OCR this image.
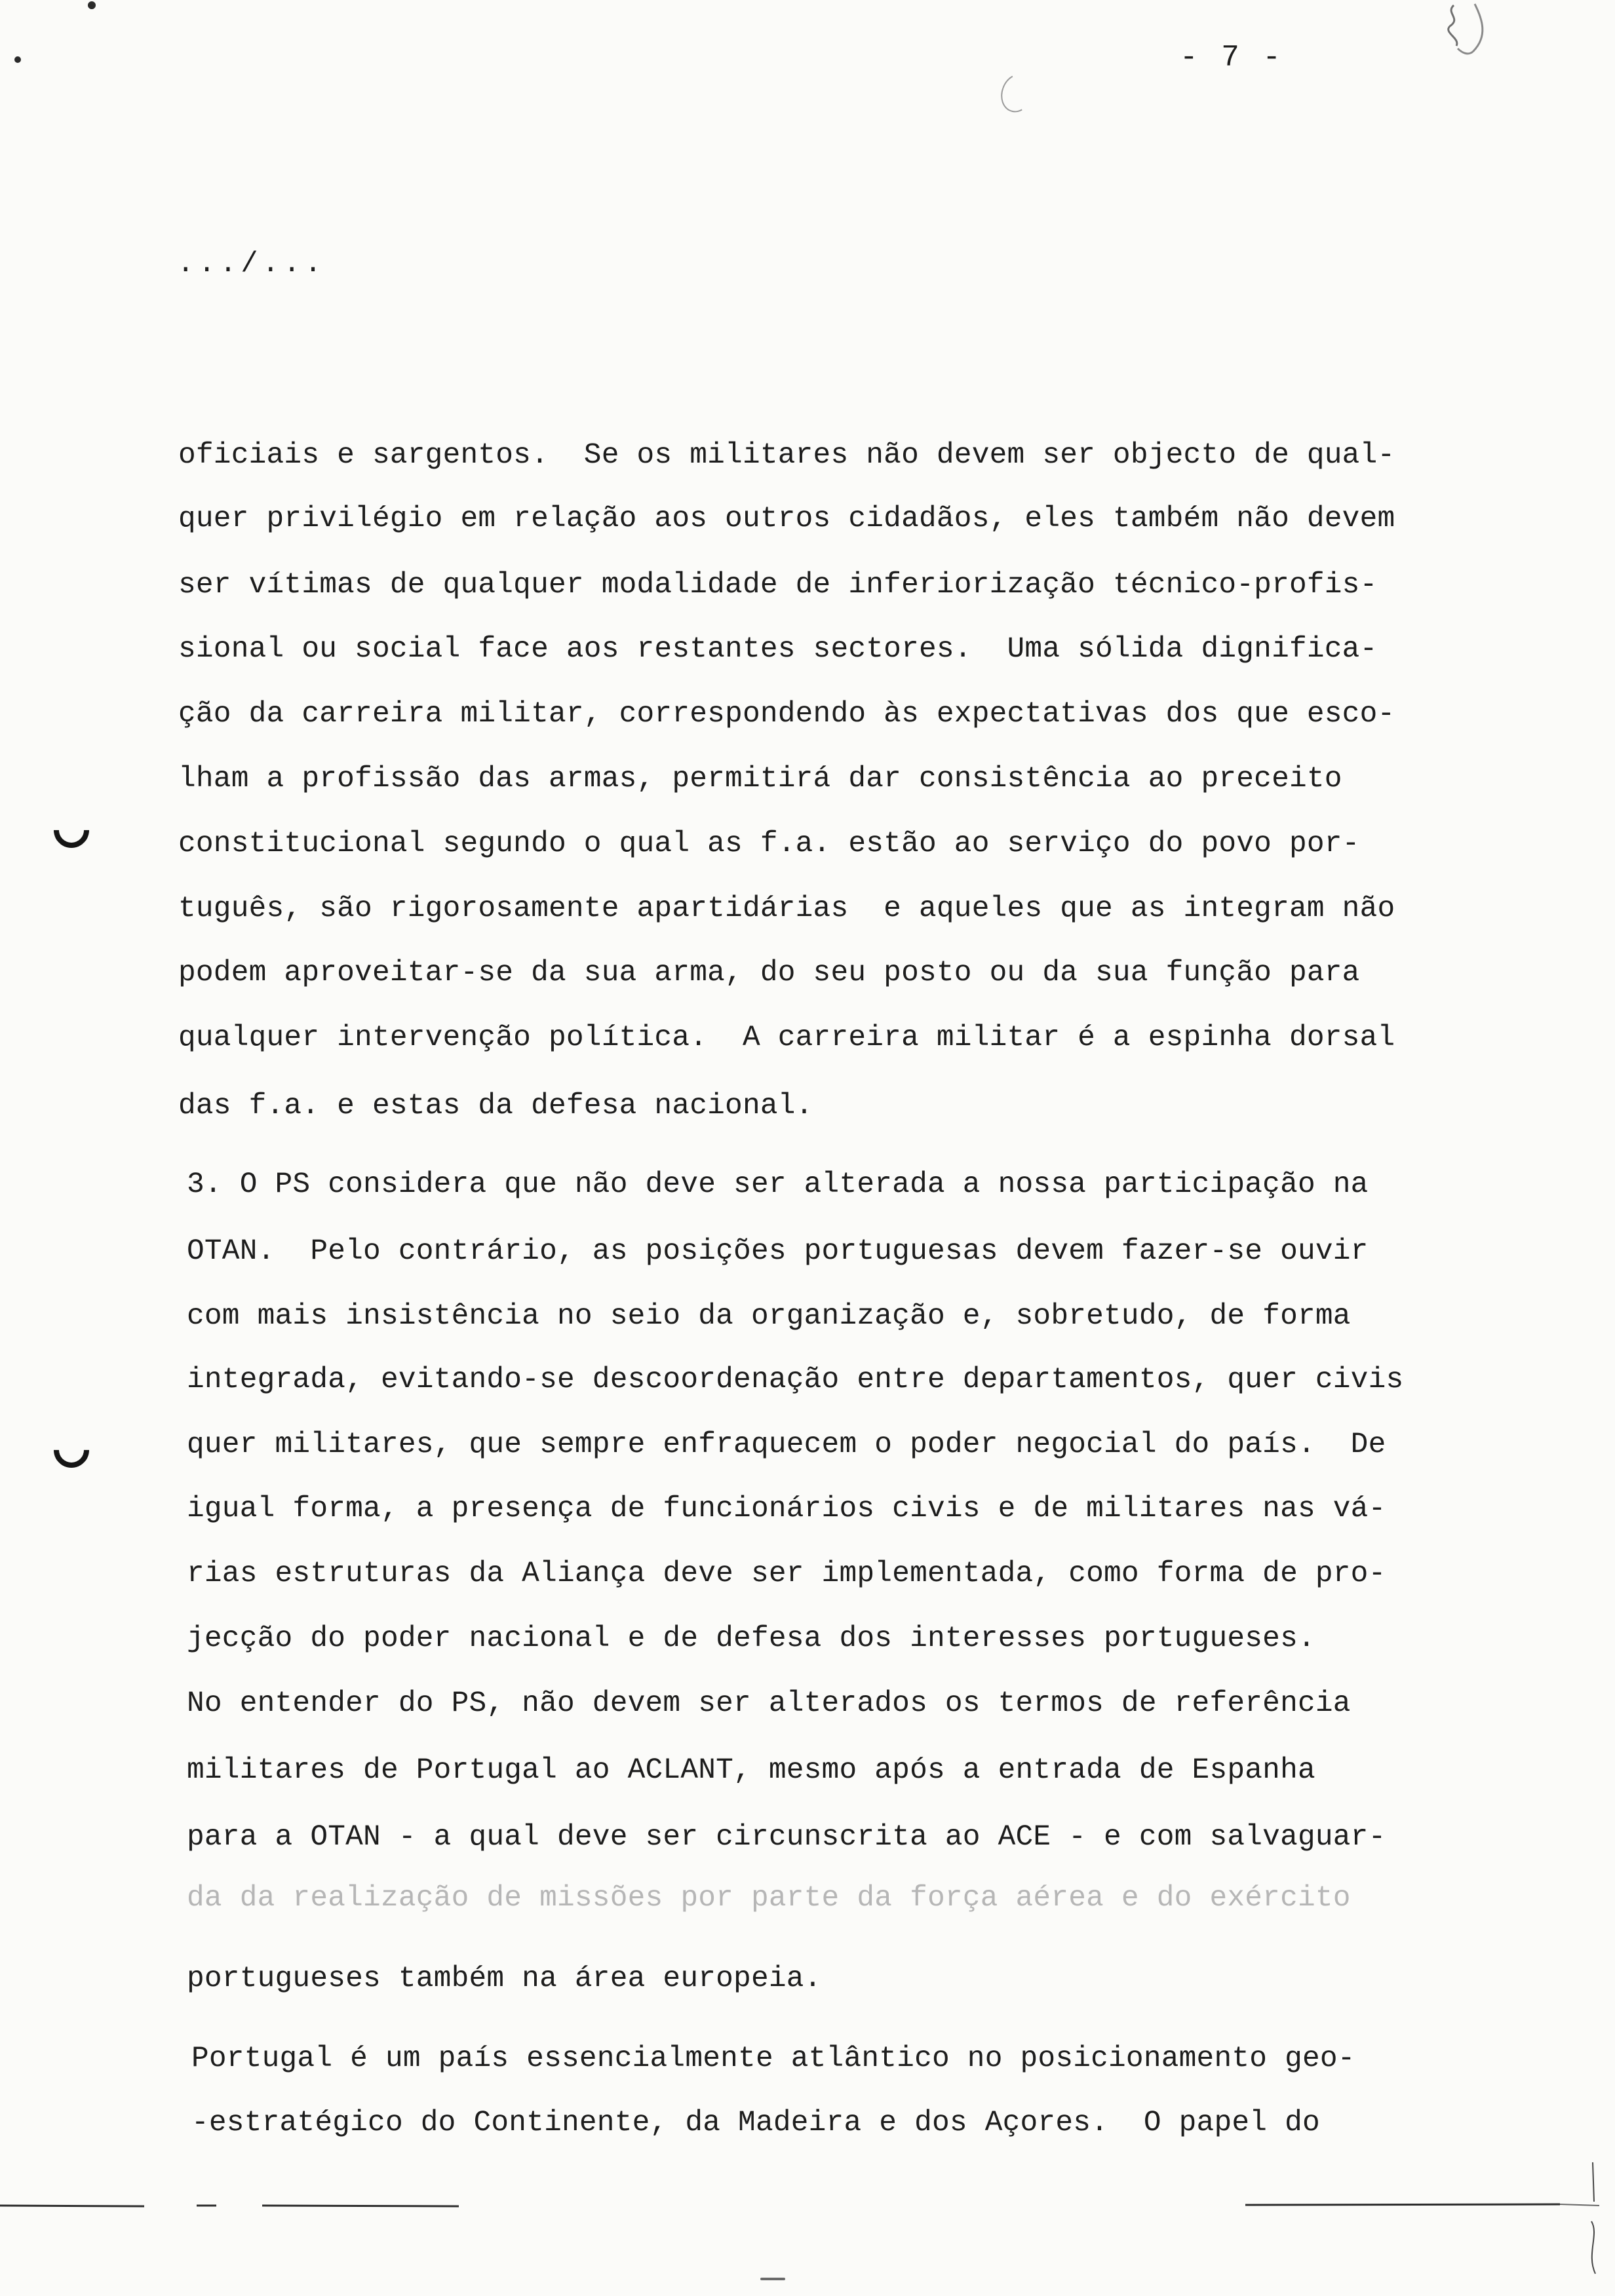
- 7 -
.../...
oficiais e sargentos.  Se os militares não devem ser objecto de qual-
quer privilégio em relação aos outros cidadãos, eles também não devem
ser vítimas de qualquer modalidade de inferiorização técnico-profis-
sional ou social face aos restantes sectores.  Uma sólida dignifica-
ção da carreira militar, correspondendo às expectativas dos que esco-
lham a profissão das armas, permitirá dar consistência ao preceito
constitucional segundo o qual as f.a. estão ao serviço do povo por-
tuguês, são rigorosamente apartidárias  e aqueles que as integram não
podem aproveitar-se da sua arma, do seu posto ou da sua função para
qualquer intervenção política.  A carreira militar é a espinha dorsal
das f.a. e estas da defesa nacional.
3. O PS considera que não deve ser alterada a nossa participação na
OTAN.  Pelo contrário, as posições portuguesas devem fazer-se ouvir
com mais insistência no seio da organização e, sobretudo, de forma
integrada, evitando-se descoordenação entre departamentos, quer civis
quer militares, que sempre enfraquecem o poder negocial do país.  De
igual forma, a presença de funcionários civis e de militares nas vá-
rias estruturas da Aliança deve ser implementada, como forma de pro-
jecção do poder nacional e de defesa dos interesses portugueses.
No entender do PS, não devem ser alterados os termos de referência
militares de Portugal ao ACLANT, mesmo após a entrada de Espanha
para a OTAN - a qual deve ser circunscrita ao ACE - e com salvaguar-
da da realização de missões por parte da força aérea e do exército
portugueses também na área europeia.
Portugal é um país essencialmente atlântico no posicionamento geo-
-estratégico do Continente, da Madeira e dos Açores.  O papel do
